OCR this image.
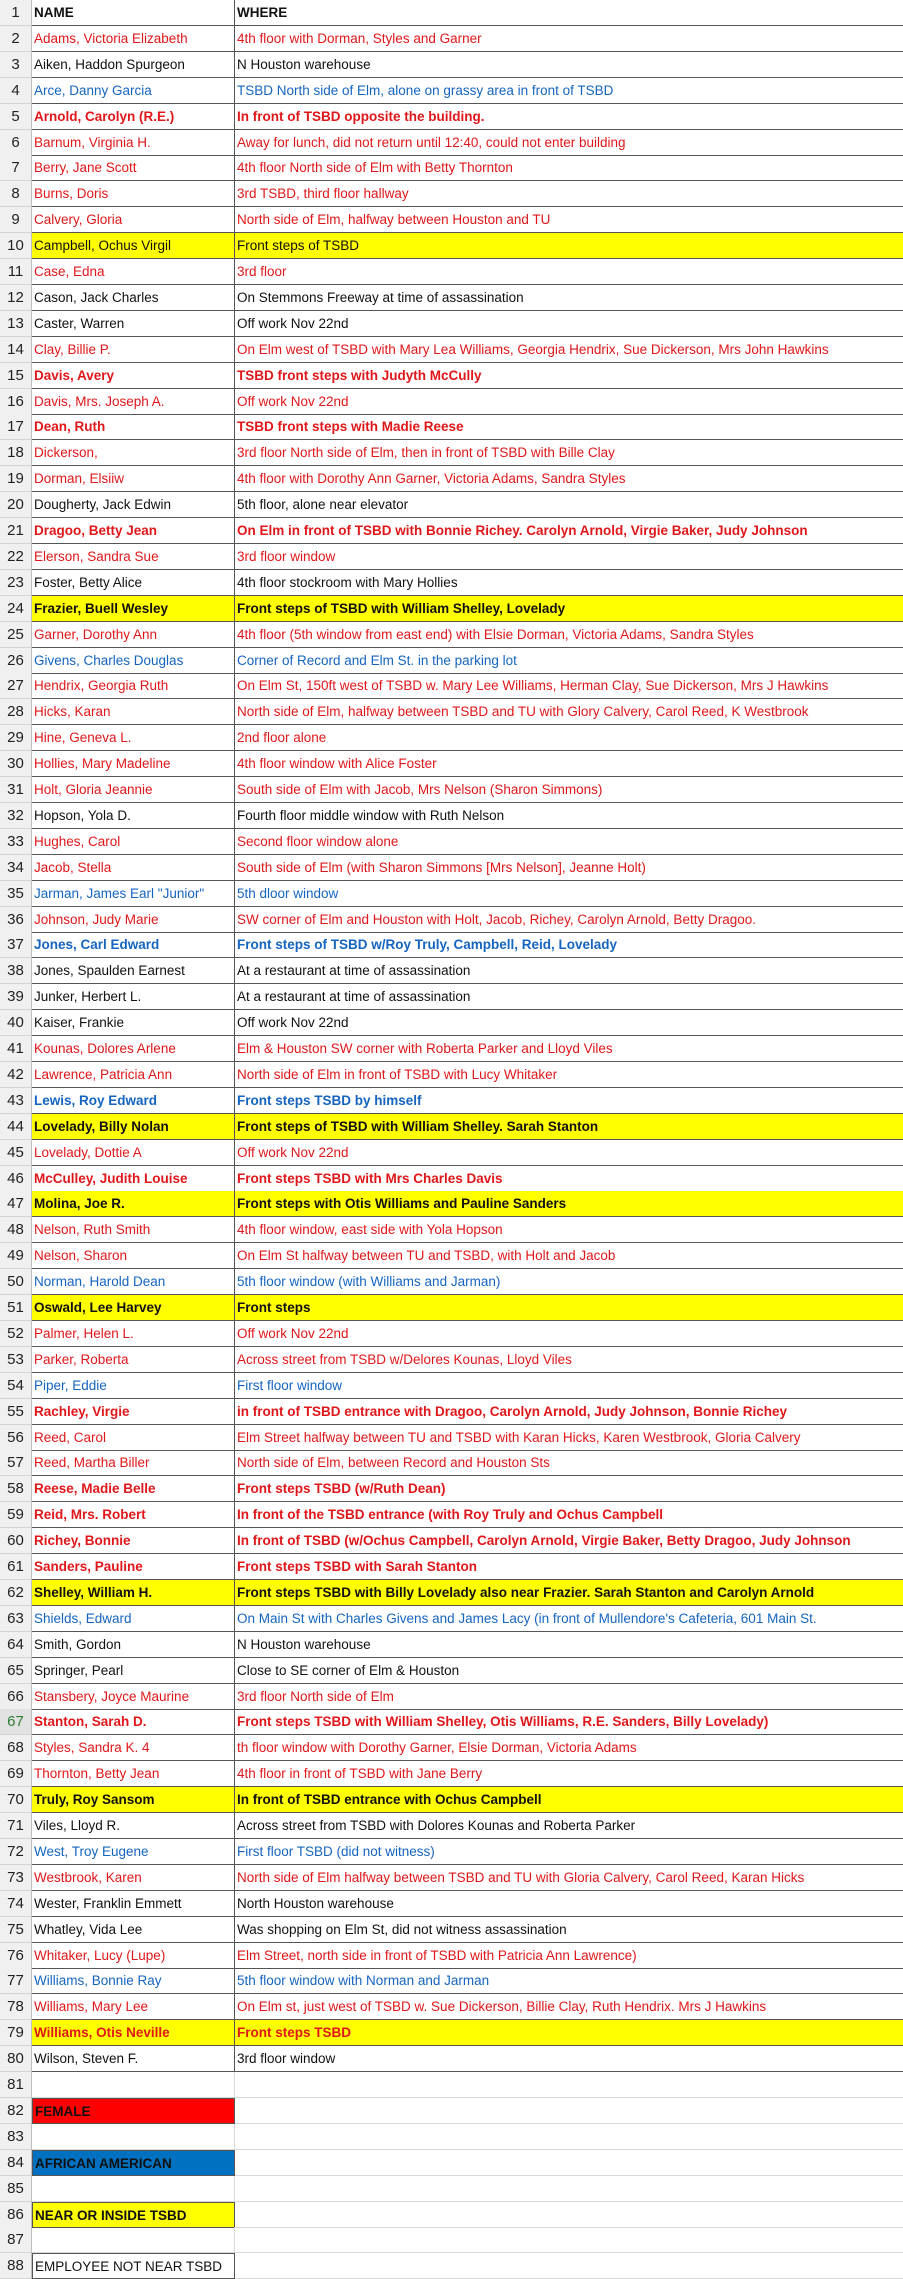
1	NAME	WHERE
2	Adams, Victoria Elizabeth	4th floor with Dorman, Styles and Garner
3	Aiken, Haddon Spurgeon	N Houston warehouse
4	Arce, Danny Garcia	TSBD North side of Elm, alone on grassy area in front of TSBD
5	Arnold, Carolyn (R.E.)	In front of TSBD opposite the building.
6	Barnum, Virginia H.	Away for lunch, did not return until 12:40, could not enter building
7	Berry, Jane Scott	4th floor North side of Elm with Betty Thornton
8	Burns, Doris	3rd TSBD, third floor hallway
9	Calvery, Gloria	North side of Elm, halfway between Houston and TU
10 Campbell, Ochus Virgil	Front steps of TSBD
11 Case, Edna	3rd floor
12 Cason, Jack Charles	On Stemmons Freeway at time of assassination
13 Caster, Warren	Off work Nov 22nd
14 Clay, Billie P.	On Elm west of TSBD with Mary Lea Williams, Georgia Hendrix, Sue Dickerson, Mrs John Hawkins
15 Davis, Avery	TSBD front steps with Judyth McCully
16 Davis, Mrs. Joseph A.	Off work Nov 22nd
17 Dean, Ruth	TSBD front steps with Madie Reese
18 Dickerson,	3rd floor North side of Elm, then in front of TSBD with Bille Clay
19 Dorman, Elsiiw	4th floor with Dorothy Ann Garner, Victoria Adams, Sandra Styles
20 Dougherty, Jack Edwin	5th floor, alone near elevator
21 Dragoo, Betty Jean	On Elm in front of TSBD with Bonnie Richey. Carolyn Arnold, Virgie Baker, Judy Johnson
22 Elerson, Sandra Sue	3rd floor window
23 Foster, Betty Alice	4th floor stockroom with Mary Hollies
24 Frazier, Buell Wesley	Front steps of TSBD with William Shelley, Lovelady
25 Garner, Dorothy Ann	4th floor (5th window from east end) with Elsie Dorman, Victoria Adams, Sandra Styles
26 Givens, Charles Douglas	Corner of Record and Elm St. in the parking lot
27 Hendrix, Georgia Ruth	On Elm St, 150ft west of TSBD w. Mary Lee Williams, Herman Clay, Sue Dickerson, Mrs J Hawkins
28 Hicks, Karan	North side of Elm, halfway between TSBD and TU with Glory Calvery, Carol Reed, K Westbrook
29 Hine, Geneva L.	2nd floor alone
30 Hollies, Mary Madeline	4th floor window with Alice Foster
31 Holt, Gloria Jeannie	South side of Elm with Jacob, Mrs Nelson (Sharon Simmons)
32 Hopson, Yola D.	Fourth floor middle window with Ruth Nelson
33 Hughes, Carol	Second floor window alone
34 Jacob, Stella	South side of Elm (with Sharon Simmons [Mrs Nelson], Jeanne Holt)
35 Jarman, James Earl "Junior"	5th dloor window
36 Johnson, Judy Marie	SW corner of Elm and Houston with Holt, Jacob, Richey, Carolyn Arnold, Betty Dragoo.
37 Jones, Carl Edward	Front steps of TSBD w/Roy Truly, Campbell, Reid, Lovelady
38 Jones, Spaulden Earnest	At a restaurant at time of assassination
39 Junker, Herbert L.	At a restaurant at time of assassination
40 Kaiser, Frankie	Off work Nov 22nd
41 Kounas, Dolores Arlene	Elm & Houston SW corner with Roberta Parker and Lloyd Viles
42 Lawrence, Patricia Ann	North side of Elm in front of TSBD with Lucy Whitaker
43 Lewis, Roy Edward	Front steps TSBD by himself
44 Lovelady, Billy Nolan	Front steps of TSBD with William Shelley. Sarah Stanton
45 Lovelady, Dottie A	Off work Nov 22nd
46 McCulley, Judith Louise	Front steps TSBD with Mrs Charles Davis
47 Molina, Joe R.	Front steps with Otis Williams and Pauline Sanders
48 Nelson, Ruth Smith	4th floor window, east side with Yola Hopson
49 Nelson, Sharon	On Elm St halfway between TU and TSBD, with Holt and Jacob
50 Norman, Harold Dean	5th floor window (with Williams and Jarman)
51 Oswald, Lee Harvey	Front steps
52 Palmer, Helen L.	Off work Nov 22nd
53 Parker, Roberta	Across street from TSBD w/Delores Kounas, Lloyd Viles
54 Piper, Eddie	First floor window
55 Rachley, Virgie	in front of TSBD entrance with Dragoo, Carolyn Arnold, Judy Johnson, Bonnie Richey
56 Reed, Carol	Elm Street halfway between TU and TSBD with Karan Hicks, Karen Westbrook, Gloria Calvery
57 Reed, Martha Biller	North side of Elm, between Record and Houston Sts
58 Reese, Madie Belle	Front steps TSBD (w/Ruth Dean)
59 Reid, Mrs. Robert	In front of the TSBD entrance (with Roy Truly and Ochus Campbell
60 Richey, Bonnie	In front of TSBD (w/Ochus Campbell, Carolyn Arnold, Virgie Baker, Betty Dragoo, Judy Johnson
61 Sanders, Pauline	Front steps TSBD with Sarah Stanton
62 Shelley, William H.	Front steps TSBD with Billy Lovelady also near Frazier. Sarah Stanton and Carolyn Arnold
63 Shields, Edward	On Main St with Charles Givens and James Lacy (in front of Mullendore's Cafeteria, 601 Main St.
64 Smith, Gordon	N Houston warehouse
65 Springer, Pearl	Close to SE corner of Elm & Houston
66 Stansbery, Joyce Maurine	3rd floor North side of Elm
67 Stanton, Sarah D.	Front steps TSBD with William Shelley, Otis Williams, R.E. Sanders, Billy Lovelady)
68 Styles, Sandra K. 4	th floor window with Dorothy Garner, Elsie Dorman, Victoria Adams
69 Thornton, Betty Jean	4th floor in front of TSBD with Jane Berry
70 Truly, Roy Sansom	In front of TSBD entrance with Ochus Campbell
71 Viles, Lloyd R.	Across street from TSBD with Dolores Kounas and Roberta Parker
72 West, Troy Eugene	First floor TSBD (did not witness)
73 Westbrook, Karen	North side of Elm halfway between TSBD and TU with Gloria Calvery, Carol Reed, Karan Hicks
74 Wester, Franklin Emmett	North Houston warehouse
75 Whatley, Vida Lee	Was shopping on Elm St, did not witness assassination
76 Whitaker, Lucy (Lupe)	Elm Street, north side in front of TSBD with Patricia Ann Lawrence)
77 Williams, Bonnie Ray	5th floor window with Norman and Jarman
78 Williams, Mary Lee	On Elm st, just west of TSBD w. Sue Dickerson, Billie Clay, Ruth Hendrix. Mrs J Hawkins
79 Williams, Otis Neville	Front steps TSBD
80 Wilson, Steven F.	3rd floor window
81
82 FEMALE
83
84 AFRICAN AMERICAN
85
86 NEAR OR INSIDE TSBD
87
88 EMPLOYEE NOT NEAR TSBD
